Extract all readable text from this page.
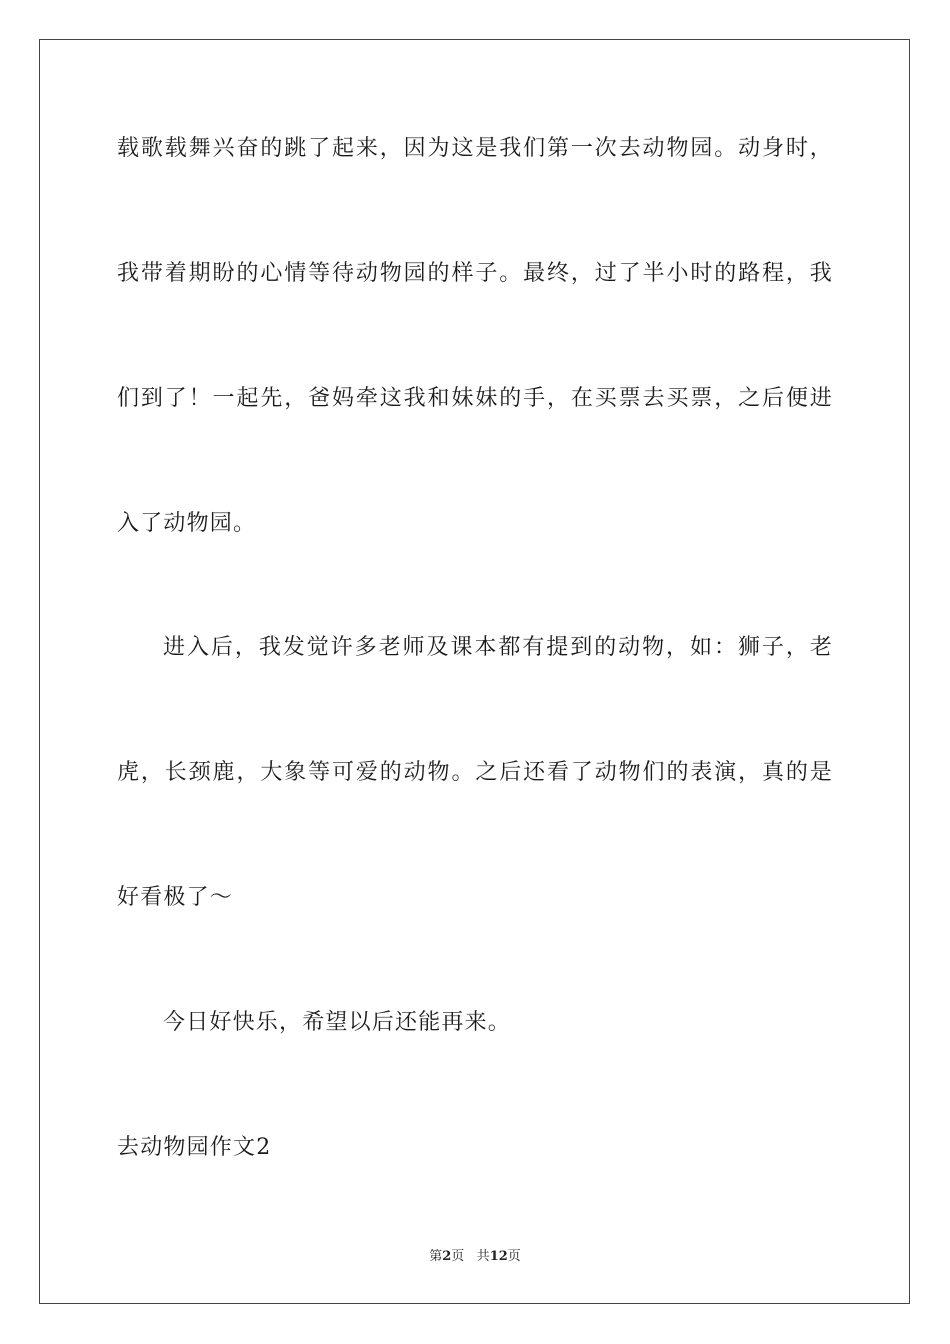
载歌载舞兴奋的跳了起来，因为这是我们第一次去动物园。动身时，
我带着期盼的心情等待动物园的样子。最终，过了半小时的路程，我
们到了！一起先，爸妈牵这我和妹妹的手，在买票去买票，之后便进
入了动物园。
进入后，我发觉许多老师及课本都有提到的动物，如：狮子，老
虎，长颈鹿，大象等可爱的动物。之后还看了动物们的表演，真的是
好看极了～
今日好快乐，希望以后还能再来。
去动物园作文2
第2页 共12页
